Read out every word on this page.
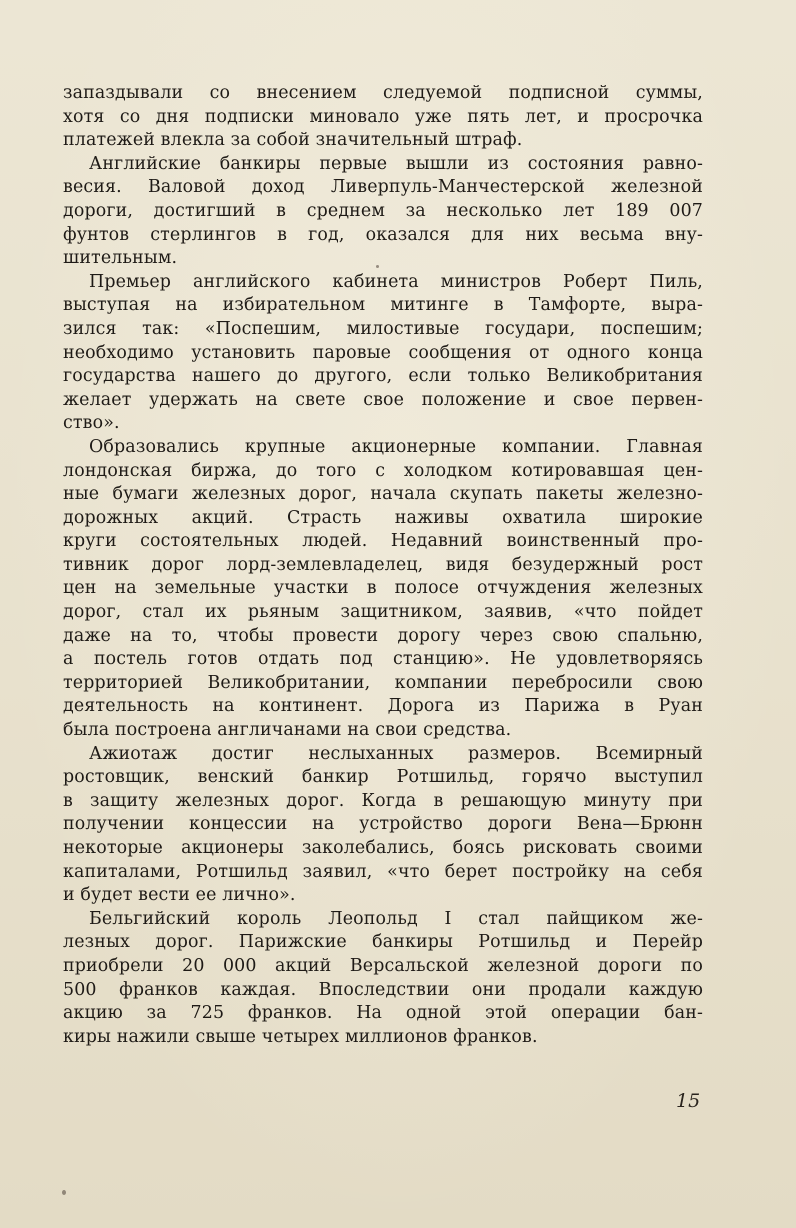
запаздывали со внесением следуемой подписной суммы,
хотя со дня подписки миновало уже пять лет, и просрочка
платежей влекла за собой значительный штраф.
Английские банкиры первые вышли из состояния равно-
весия. Валовой доход Ливерпуль-Манчестерской железной
дороги, достигший в среднем за несколько лет 189 007
фунтов стерлингов в год, оказался для них весьма вну-
шительным.
Премьер английского кабинета министров Роберт Пиль,
выступая на избирательном митинге в Тамфорте, выра-
зился так: «Поспешим, милостивые государи, поспешим;
необходимо установить паровые сообщения от одного конца
государства нашего до другого, если только Великобритания
желает удержать на свете свое положение и свое первен-
ство».
Образовались крупные акционерные компании. Главная
лондонская биржа, до того с холодком котировавшая цен-
ные бумаги железных дорог, начала скупать пакеты железно-
дорожных акций. Страсть наживы охватила широкие
круги состоятельных людей. Недавний воинственный про-
тивник дорог лорд-землевладелец, видя безудержный рост
цен на земельные участки в полосе отчуждения железных
дорог, стал их рьяным защитником, заявив, «что пойдет
даже на то, чтобы провести дорогу через свою спальню,
а постель готов отдать под станцию». Не удовлетворяясь
территорией Великобритании, компании перебросили свою
деятельность на континент. Дорога из Парижа в Руан
была построена англичанами на свои средства.
Ажиотаж достиг неслыханных размеров. Всемирный
ростовщик, венский банкир Ротшильд, горячо выступил
в защиту железных дорог. Когда в решающую минуту при
получении концессии на устройство дороги Вена—Брюнн
некоторые акционеры заколебались, боясь рисковать своими
капиталами, Ротшильд заявил, «что берет постройку на себя
и будет вести ее лично».
Бельгийский король Леопольд I стал пайщиком же-
лезных дорог. Парижские банкиры Ротшильд и Перейр
приобрели 20 000 акций Версальской железной дороги по
500 франков каждая. Впоследствии они продали каждую
акцию за 725 франков. На одной этой операции бан-
киры нажили свыше четырех миллионов франков.
15
